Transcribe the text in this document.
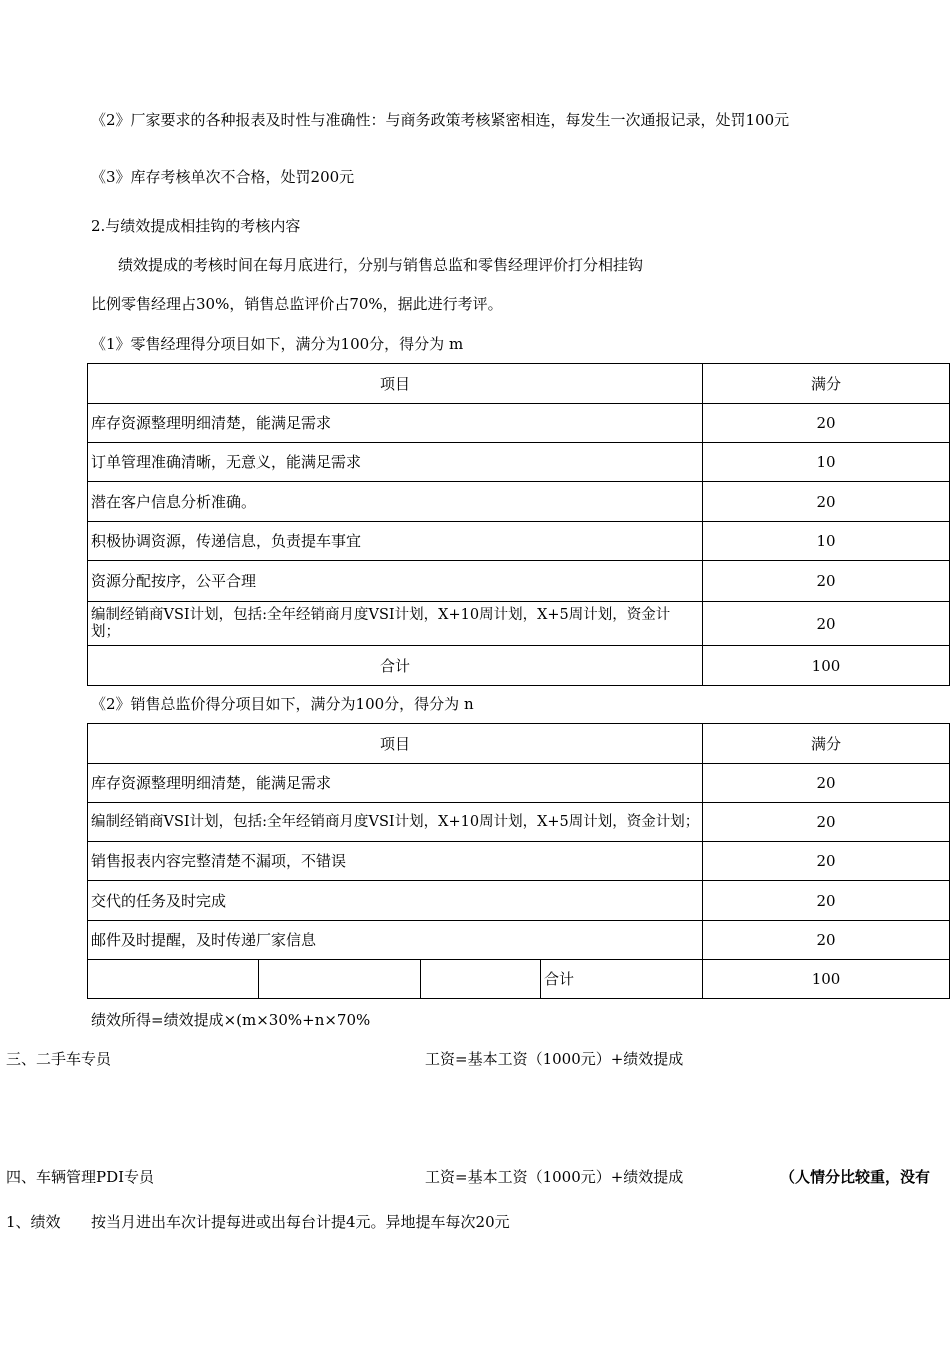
《2》厂家要求的各种报表及时性与准确性：与商务政策考核紧密相连，每发生一次通报记录，处罚100元
《3》库存考核单次不合格，处罚200元
2.与绩效提成相挂钩的考核内容
绩效提成的考核时间在每月底进行，分别与销售总监和零售经理评价打分相挂钩
比例零售经理占30%，销售总监评价占70%，据此进行考评。
《1》零售经理得分项目如下，满分为100分，得分为 m
项目	满分
库存资源整理明细清楚，能满足需求	20
订单管理准确清晰，无意义，能满足需求	10
潜在客户信息分析准确。	20
积极协调资源，传递信息，负责提车事宜	10
资源分配按序，公平合理	20
编制经销商VSI计划，包括:全年经销商月度VSI计划，X+10周计划，X+5周计划，资金计划；	20
合计	100
《2》销售总监价得分项目如下，满分为100分，得分为 n
项目				满分
库存资源整理明细清楚，能满足需求				20
编制经销商VSI计划，包括:全年经销商月度VSI计划，X+10周计划，X+5周计划，资金计划；				20
销售报表内容完整清楚不漏项，不错误				20
交代的任务及时完成				20
邮件及时提醒，及时传递厂家信息				20
			合计	100
绩效所得=绩效提成×(m×30%+n×70%
三、二手车专员	工资=基本工资（1000元）+绩效提成
四、车辆管理PDI专员	工资=基本工资（1000元）+绩效提成	（人情分比较重，没有
1、绩效 按当月进出车次计提每进或出每台计提4元。异地提车每次20元
